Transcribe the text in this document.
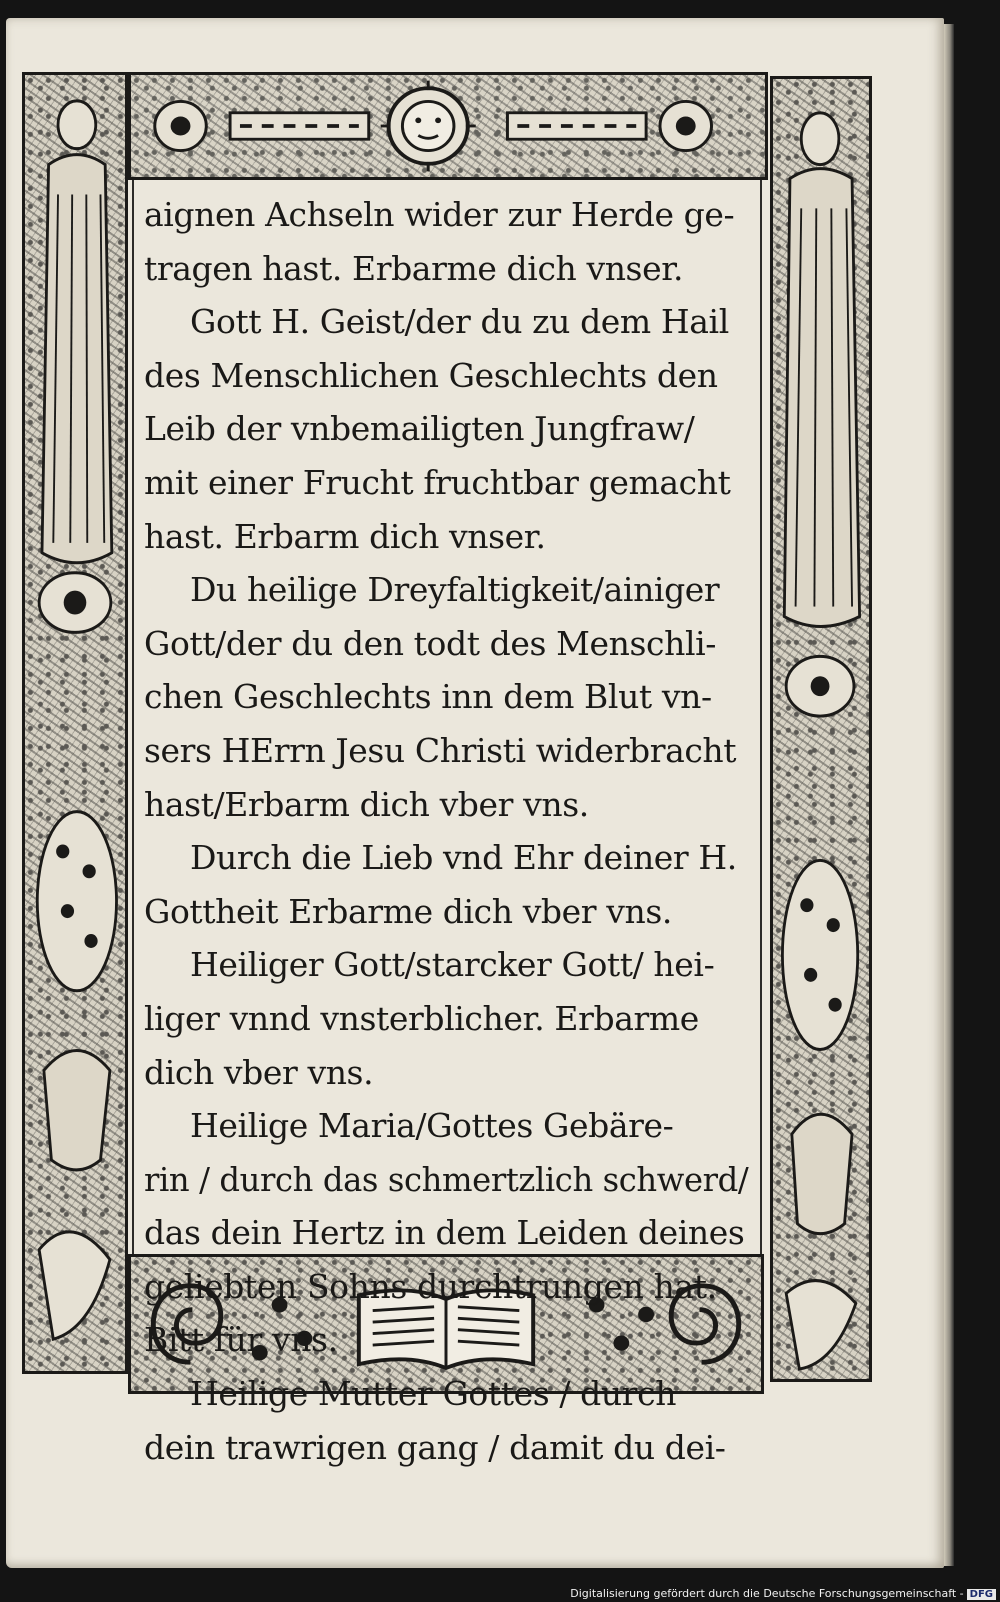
aignen Achseln wider zur Herde ge-
tragen hast. Erbarme dich vnser.
Gott H. Geist/der du zu dem Hail
des Menschlichen Geschlechts den
Leib der vnbemailigten Jungfraw/
mit einer Frucht fruchtbar gemacht
hast. Erbarm dich vnser.
Du heilige Dreyfaltigkeit/ainiger
Gott/der du den todt des Menschli-
chen Geschlechts inn dem Blut vn-
sers HErrn Jesu Christi widerbracht
hast/Erbarm dich vber vns.
Durch die Lieb vnd Ehr deiner H.
Gottheit Erbarme dich vber vns.
Heiliger Gott/starcker Gott/ hei-
liger vnnd vnsterblicher. Erbarme
dich vber vns.
Heilige Maria/Gottes Gebäre-
rin / durch das schmertzlich schwerd/
das dein Hertz in dem Leiden deines
geliebten Sohns durchtrungen hat.
Bitt für vns.
Heilige Mutter Gottes / durch
dein trawrigen gang / damit du dei-
Digitalisierung gefördert durch die Deutsche Forschungsgemeinschaft - DFG
